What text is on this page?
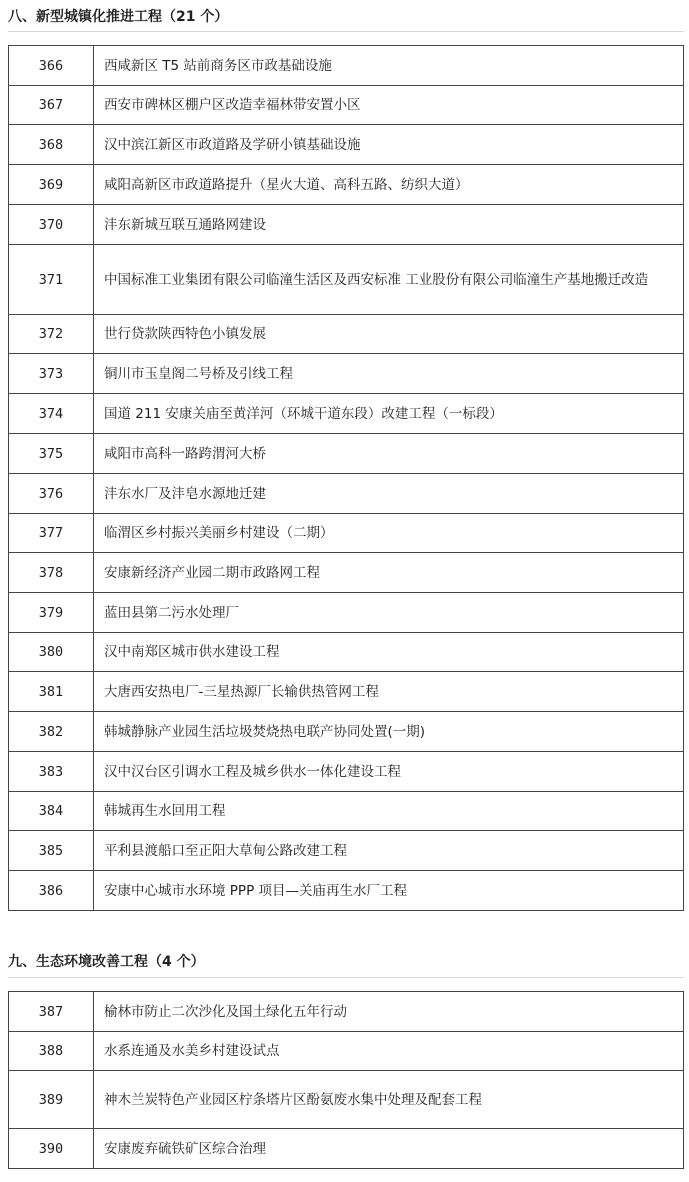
八、新型城镇化推进工程（21 个）
366	西咸新区 T5 站前商务区市政基础设施
367	西安市碑林区棚户区改造幸福林带安置小区
368	汉中滨江新区市政道路及学研小镇基础设施
369	咸阳高新区市政道路提升（星火大道、高科五路、纺织大道）
370	沣东新城互联互通路网建设
371	中国标准工业集团有限公司临潼生活区及西安标准 工业股份有限公司临潼生产基地搬迁改造
372	世行贷款陕西特色小镇发展
373	铜川市玉皇阁二号桥及引线工程
374	国道 211 安康关庙至黄洋河（环城干道东段）改建工程（一标段）
375	咸阳市高科一路跨渭河大桥
376	沣东水厂及沣皂水源地迁建
377	临渭区乡村振兴美丽乡村建设（二期）
378	安康新经济产业园二期市政路网工程
379	蓝田县第二污水处理厂
380	汉中南郑区城市供水建设工程
381	大唐西安热电厂-三星热源厂长输供热管网工程
382	韩城静脉产业园生活垃圾焚烧热电联产协同处置(一期)
383	汉中汉台区引调水工程及城乡供水一体化建设工程
384	韩城再生水回用工程
385	平利县渡船口至正阳大草甸公路改建工程
386	安康中心城市水环境 PPP 项目—关庙再生水厂工程
九、生态环境改善工程（4 个）
387	榆林市防止二次沙化及国土绿化五年行动
388	水系连通及水美乡村建设试点
389	神木兰炭特色产业园区柠条塔片区酚氨废水集中处理及配套工程
390	安康废弃硫铁矿区综合治理
